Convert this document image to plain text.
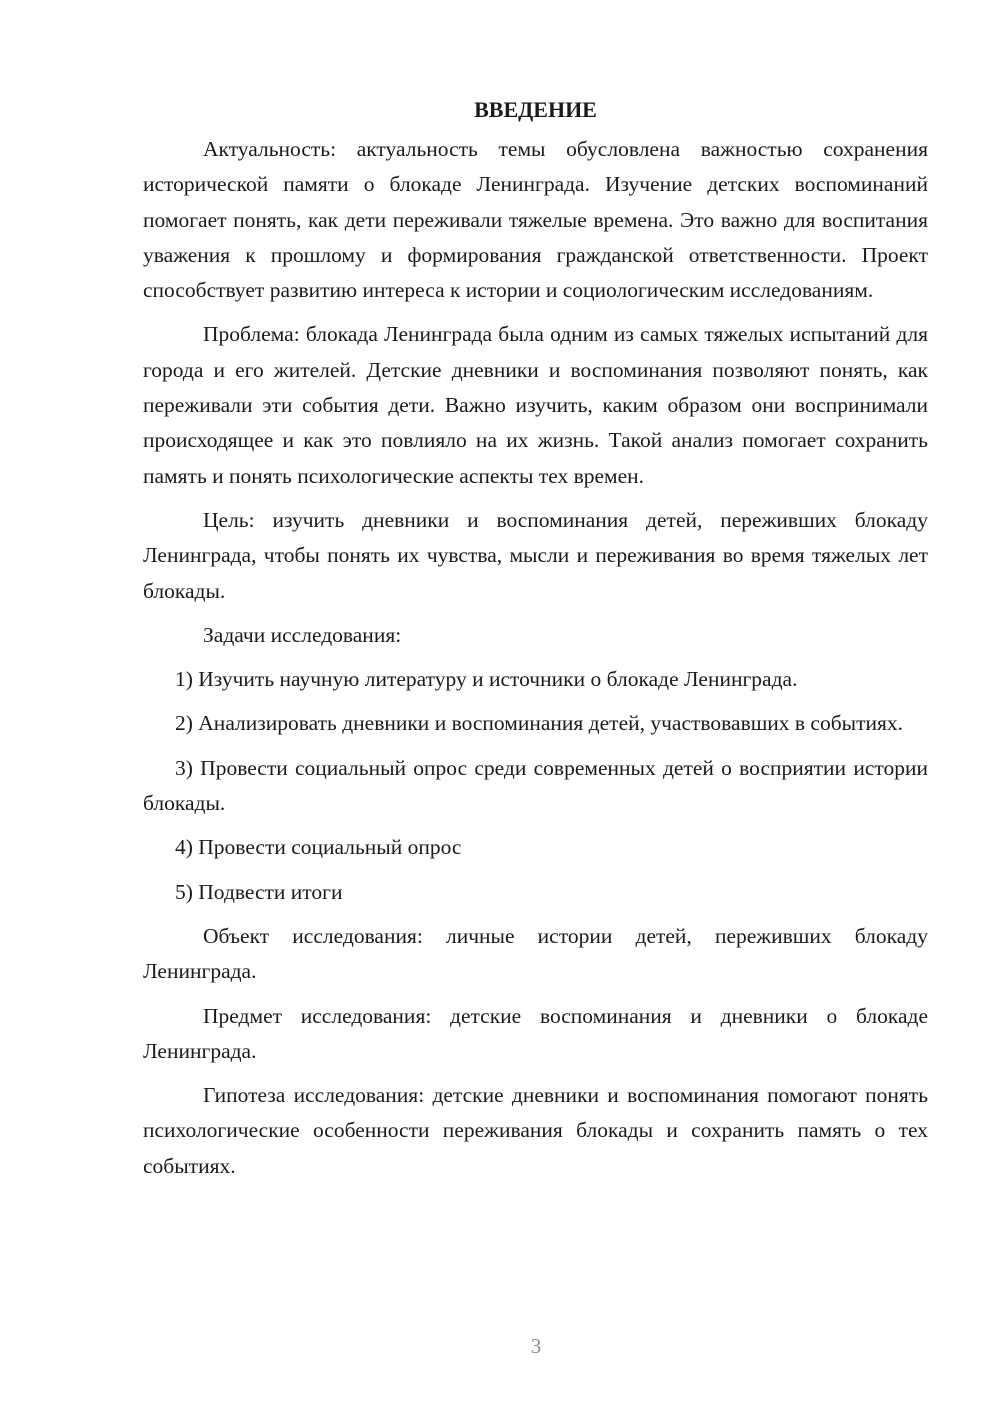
ВВЕДЕНИЕ

Актуальность: актуальность темы обусловлена важностью сохранения исторической памяти о блокаде Ленинграда. Изучение детских воспоминаний помогает понять, как дети переживали тяжелые времена. Это важно для воспитания уважения к прошлому и формирования гражданской ответственности. Проект способствует развитию интереса к истории и социологическим исследованиям.

Проблема: блокада Ленинграда была одним из самых тяжелых испытаний для города и его жителей. Детские дневники и воспоминания позволяют понять, как переживали эти события дети. Важно изучить, каким образом они воспринимали происходящее и как это повлияло на их жизнь. Такой анализ помогает сохранить память и понять психологические аспекты тех времен.

Цель: изучить дневники и воспоминания детей, переживших блокаду Ленинграда, чтобы понять их чувства, мысли и переживания во время тяжелых лет блокады.

Задачи исследования:

1) Изучить научную литературу и источники о блокаде Ленинграда.

2) Анализировать дневники и воспоминания детей, участвовавших в событиях.

3) Провести социальный опрос среди современных детей о восприятии истории блокады.

4) Провести социальный опрос

5) Подвести итоги

Объект исследования: личные истории детей, переживших блокаду Ленинграда.

Предмет исследования: детские воспоминания и дневники о блокаде Ленинграда.

Гипотеза исследования: детские дневники и воспоминания помогают понять психологические особенности переживания блокады и сохранить память о тех событиях.

3
